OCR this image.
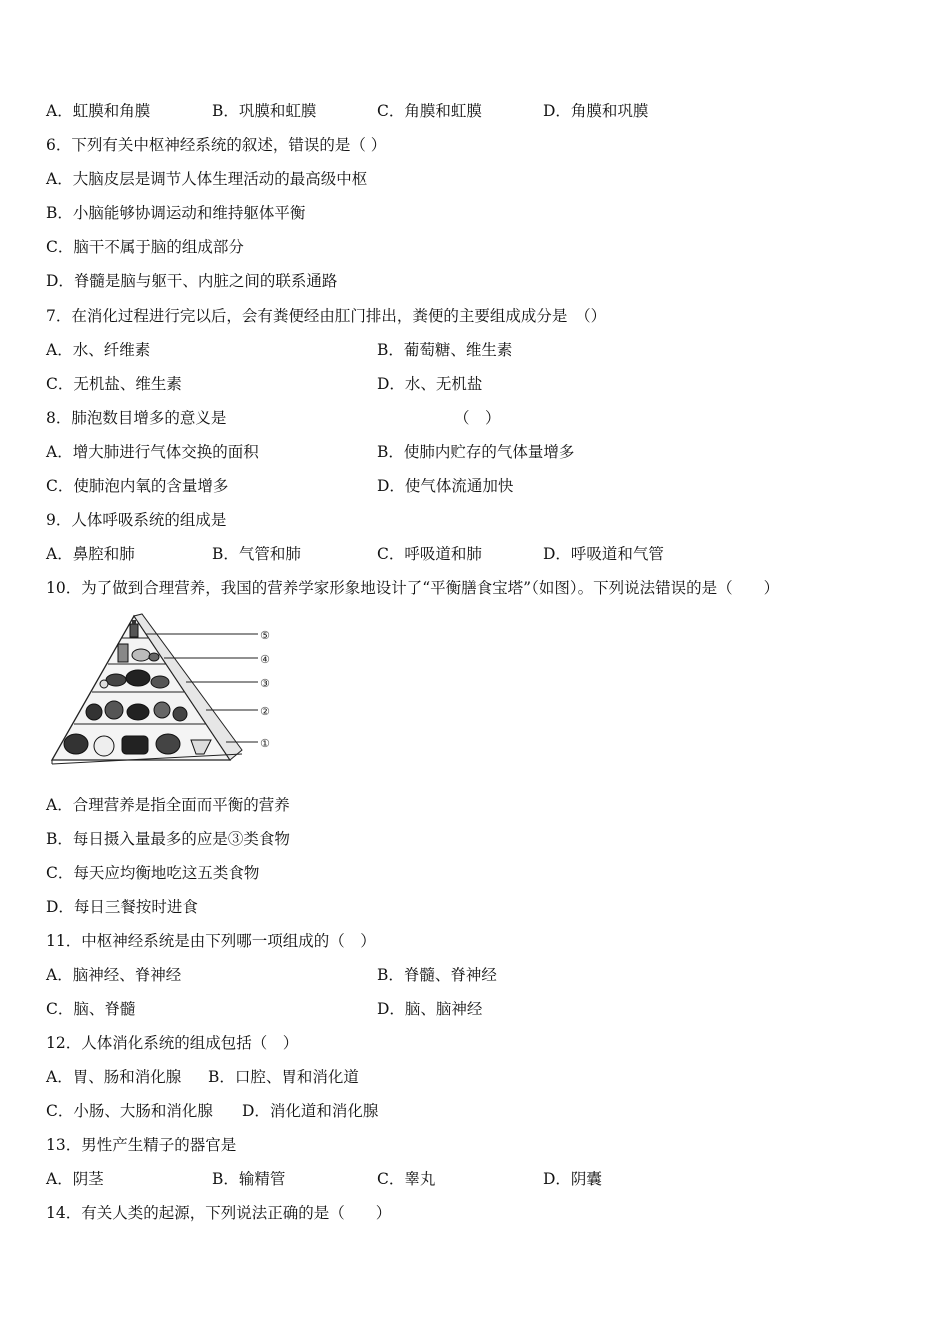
A．虹膜和角膜	B．巩膜和虹膜	C．角膜和虹膜	D．角膜和巩膜
6．下列有关中枢神经系统的叙述，错误的是（ ）
A．大脑皮层是调节人体生理活动的最高级中枢
B．小脑能够协调运动和维持躯体平衡
C．脑干不属于脑的组成部分
D．脊髓是脑与躯干、内脏之间的联系通路
7．在消化过程进行完以后，会有粪便经由肛门排出，粪便的主要组成成分是　（）
A．水、纤维素	B．葡萄糖、维生素
C．无机盐、维生素	D．水、无机盐
8．肺泡数目增多的意义是	（　）
A．增大肺进行气体交换的面积	B．使肺内贮存的气体量增多
C．使肺泡内氧的含量增多	D．使气体流通加快
9．人体呼吸系统的组成是
A．鼻腔和肺	B．气管和肺	C．呼吸道和肺	D．呼吸道和气管
10．为了做到合理营养，我国的营养学家形象地设计了“平衡膳食宝塔”（如图）。下列说法错误的是（　　）
⑤
④
③
②
①
A．合理营养是指全面而平衡的营养
B．每日摄入量最多的应是③类食物
C．每天应均衡地吃这五类食物
D．每日三餐按时进食
11．中枢神经系统是由下列哪一项组成的（　）
A．脑神经、脊神经	B．脊髓、脊神经
C．脑、脊髓	D．脑、脑神经
12．人体消化系统的组成包括（　）
A．胃、肠和消化腺 B．口腔、胃和消化道
C．小肠、大肠和消化腺 D．消化道和消化腺
13．男性产生精子的器官是
A．阴茎	B．输精管	C．睾丸	D．阴囊
14．有关人类的起源，下列说法正确的是（　　）
